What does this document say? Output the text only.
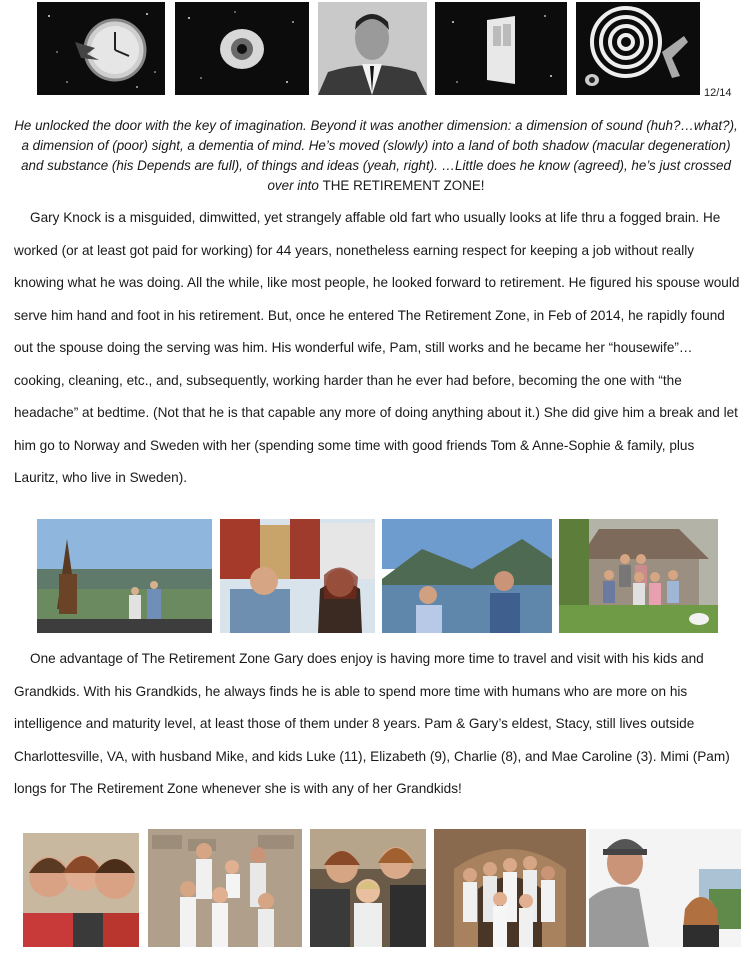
12/14
He unlocked the door with the key of imagination. Beyond it was another dimension: a dimension of sound (huh?…what?), a dimension of (poor) sight, a dementia of mind. He’s moved (slowly) into a land of both shadow (macular degeneration) and substance (his Depends are full), of things and ideas (yeah, right). …Little does he know (agreed), he’s just crossed over into THE RETIREMENT ZONE!

Gary Knock is a misguided, dimwitted, yet strangely affable old fart who usually looks at life thru a fogged brain. He worked (or at least got paid for working) for 44 years, nonetheless earning respect for keeping a job without really knowing what he was doing. All the while, like most people, he looked forward to retirement. He figured his spouse would serve him hand and foot in his retirement. But, once he entered The Retirement Zone, in Feb of 2014, he rapidly found out the spouse doing the serving was him. His wonderful wife, Pam, still works and he became her “housewife”…cooking, cleaning, etc., and, subsequently, working harder than he ever had before, becoming the one with “the headache” at bedtime. (Not that he is that capable any more of doing anything about it.) She did give him a break and let him go to Norway and Sweden with her (spending some time with good friends Tom & Anne-Sophie & family, plus Lauritz, who live in Sweden).

One advantage of The Retirement Zone Gary does enjoy is having more time to travel and visit with his kids and Grandkids. With his Grandkids, he always finds he is able to spend more time with humans who are more on his intelligence and maturity level, at least those of them under 8 years. Pam & Gary’s eldest, Stacy, still lives outside Charlottesville, VA, with husband Mike, and kids Luke (11), Elizabeth (9), Charlie (8), and Mae Caroline (3). Mimi (Pam) longs for The Retirement Zone whenever she is with any of her Grandkids!
